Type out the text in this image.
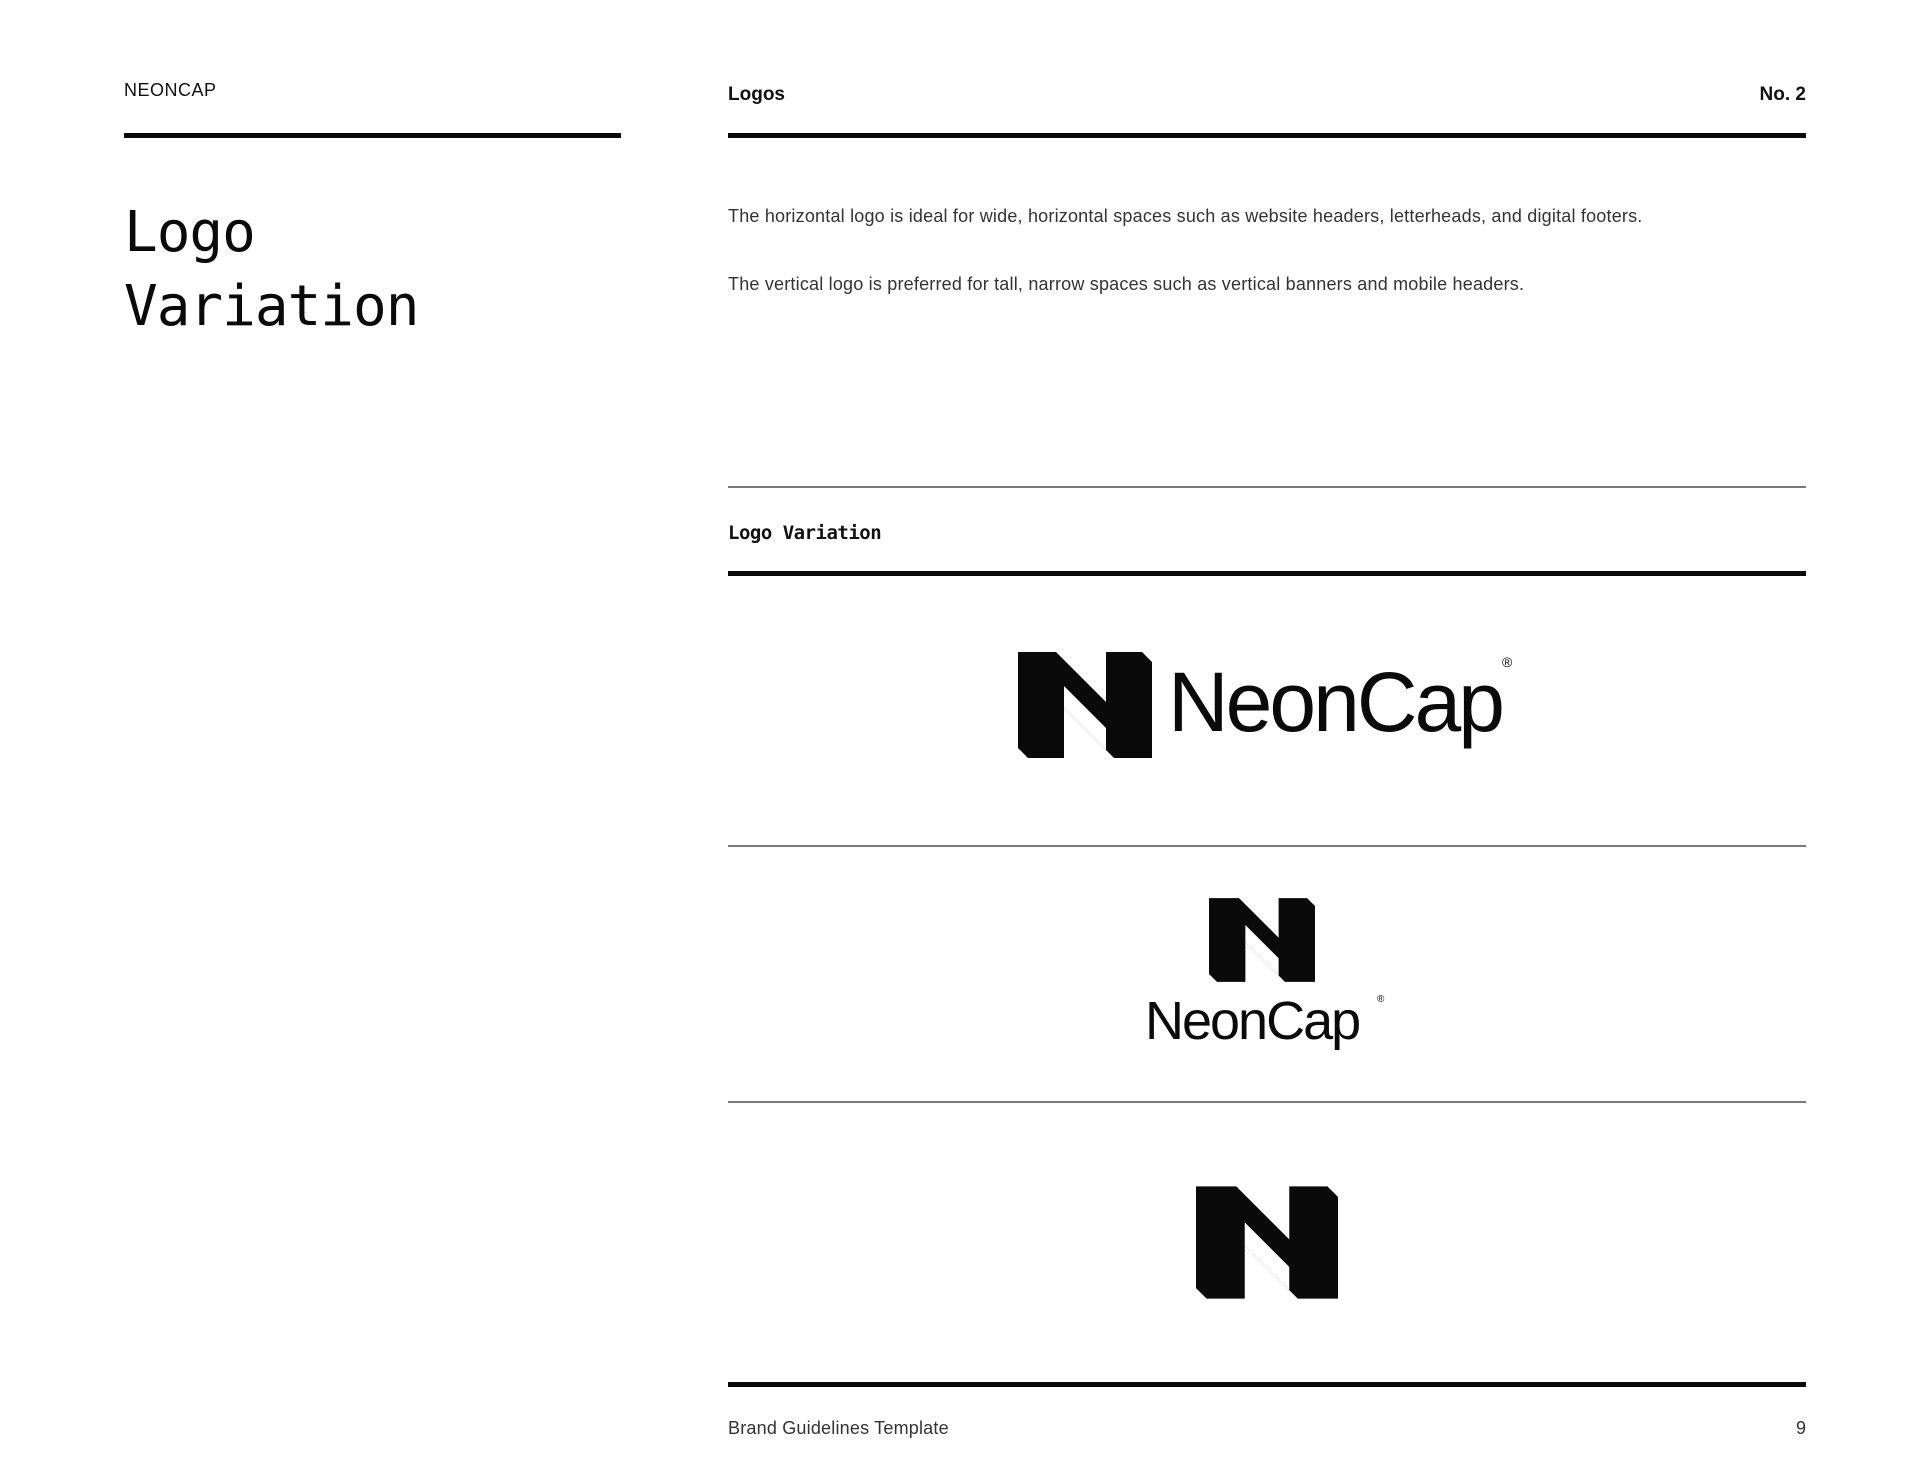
NEONCAP
Logo
Variation
Logos	No. 2

The horizontal logo is ideal for wide, horizontal spaces such as website headers, letterheads, and digital footers.

The vertical logo is preferred for tall, narrow spaces such as vertical banners and mobile headers.

Logo Variation
NeonCap ®
NeonCap ®
Brand Guidelines Template	9
